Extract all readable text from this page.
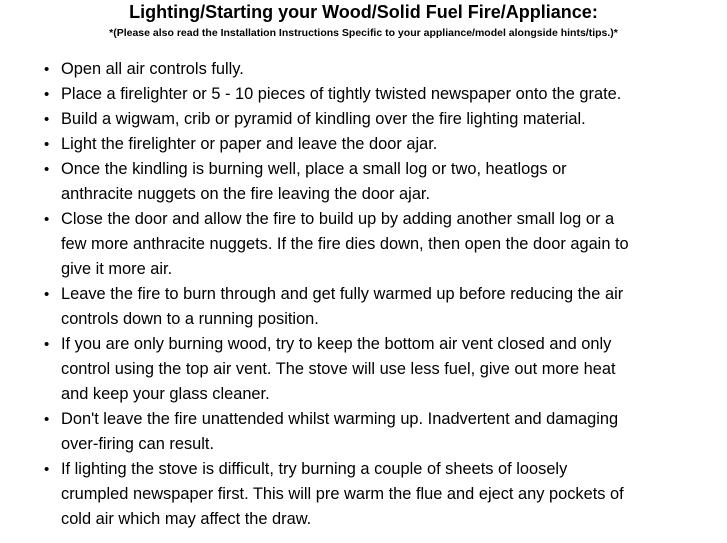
Lighting/Starting your Wood/Solid Fuel Fire/Appliance:
*(Please also read the Installation Instructions Specific to your appliance/model alongside hints/tips.)*
• Open all air controls fully.
• Place a firelighter or 5 - 10 pieces of tightly twisted newspaper onto the grate.
• Build a wigwam, crib or pyramid of kindling over the fire lighting material.
• Light the firelighter or paper and leave the door ajar.
• Once the kindling is burning well, place a small log or two, heatlogs or
anthracite nuggets on the fire leaving the door ajar.
• Close the door and allow the fire to build up by adding another small log or a
few more anthracite nuggets. If the fire dies down, then open the door again to
give it more air.
• Leave the fire to burn through and get fully warmed up before reducing the air
controls down to a running position.
• If you are only burning wood, try to keep the bottom air vent closed and only
control using the top air vent. The stove will use less fuel, give out more heat
and keep your glass cleaner.
• Don't leave the fire unattended whilst warming up. Inadvertent and damaging
over-firing can result.
• If lighting the stove is difficult, try burning a couple of sheets of loosely
crumpled newspaper first. This will pre warm the flue and eject any pockets of
cold air which may affect the draw.
